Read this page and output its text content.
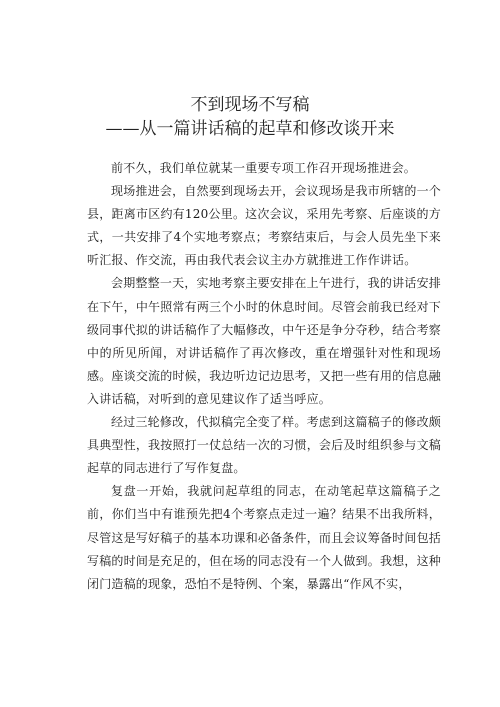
不到现场不写稿
——从一篇讲话稿的起草和修改谈开来

前不久，我们单位就某一重要专项工作召开现场推进会。

现场推进会，自然要到现场去开，会议现场是我市所辖的一个县，距离市区约有120公里。这次会议，采用先考察、后座谈的方式，一共安排了4个实地考察点；考察结束后，与会人员先坐下来听汇报、作交流，再由我代表会议主办方就推进工作作讲话。

会期整整一天，实地考察主要安排在上午进行，我的讲话安排在下午，中午照常有两三个小时的休息时间。尽管会前我已经对下级同事代拟的讲话稿作了大幅修改，中午还是争分夺秒，结合考察中的所见所闻，对讲话稿作了再次修改，重在增强针对性和现场感。座谈交流的时候，我边听边记边思考，又把一些有用的信息融入讲话稿，对听到的意见建议作了适当呼应。

经过三轮修改，代拟稿完全变了样。考虑到这篇稿子的修改颇具典型性，我按照打一仗总结一次的习惯，会后及时组织参与文稿起草的同志进行了写作复盘。

复盘一开始，我就问起草组的同志，在动笔起草这篇稿子之前，你们当中有谁预先把4个考察点走过一遍？结果不出我所料，尽管这是写好稿子的基本功课和必备条件，而且会议筹备时间包括写稿的时间是充足的，但在场的同志没有一个人做到。我想，这种闭门造稿的现象，恐怕不是特例、个案，暴露出“作风不实，
